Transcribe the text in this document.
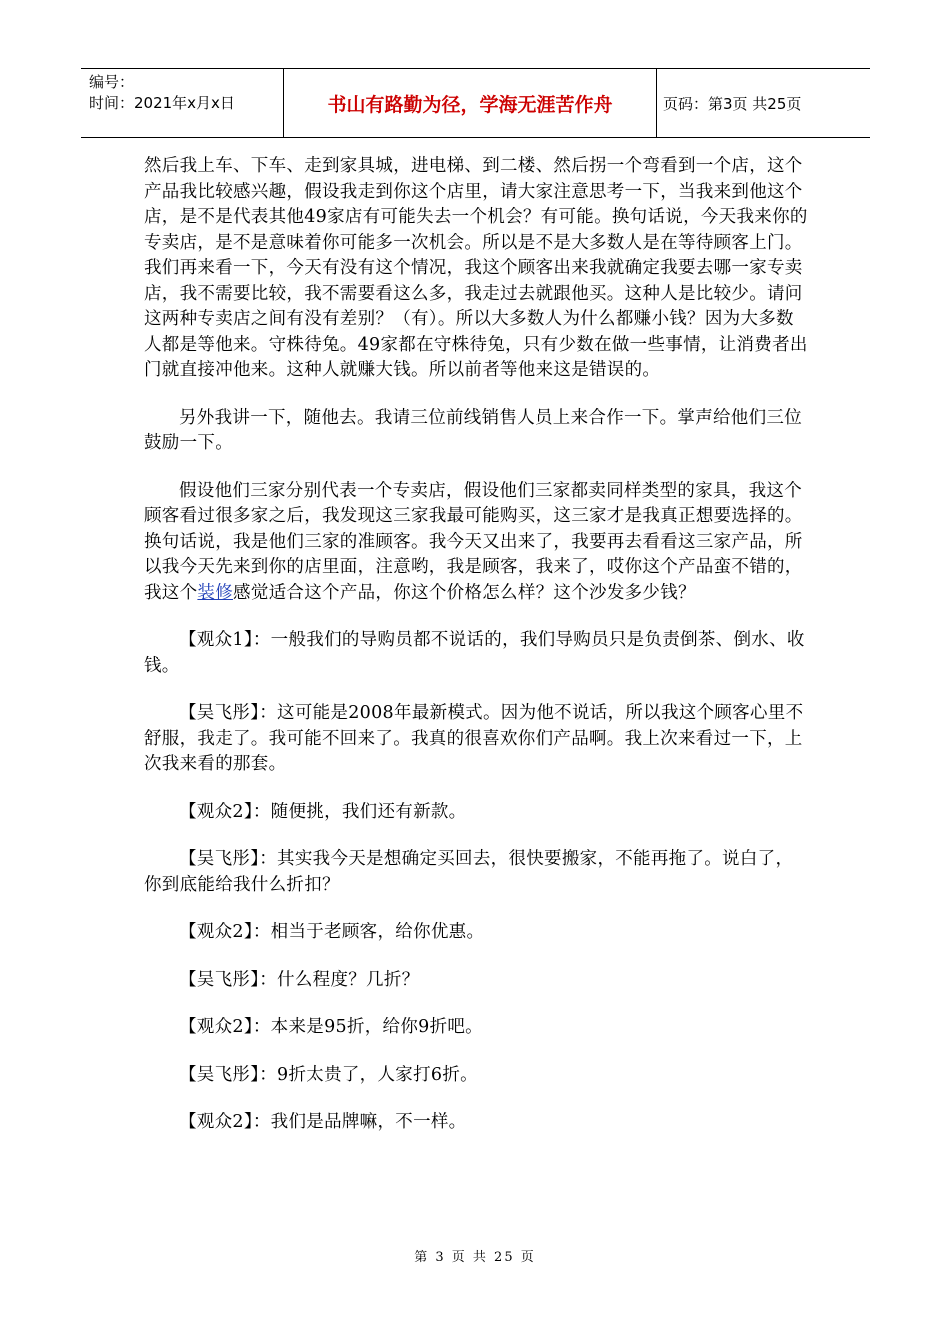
编号：
时间：2021年x月x日	书山有路勤为径，学海无涯苦作舟	页码：第3页 共25页

然后我上车、下车、走到家具城，进电梯、到二楼、然后拐一个弯看到一个店，这个产品我比较感兴趣，假设我走到你这个店里，请大家注意思考一下，当我来到他这个店，是不是代表其他49家店有可能失去一个机会？有可能。换句话说，今天我来你的专卖店，是不是意味着你可能多一次机会。所以是不是大多数人是在等待顾客上门。我们再来看一下，今天有没有这个情况，我这个顾客出来我就确定我要去哪一家专卖店，我不需要比较，我不需要看这么多，我走过去就跟他买。这种人是比较少。请问这两种专卖店之间有没有差别？（有）。所以大多数人为什么都赚小钱？因为大多数人都是等他来。守株待兔。49家都在守株待兔，只有少数在做一些事情，让消费者出门就直接冲他来。这种人就赚大钱。所以前者等他来这是错误的。

另外我讲一下，随他去。我请三位前线销售人员上来合作一下。掌声给他们三位鼓励一下。

假设他们三家分别代表一个专卖店，假设他们三家都卖同样类型的家具，我这个顾客看过很多家之后，我发现这三家我最可能购买，这三家才是我真正想要选择的。换句话说，我是他们三家的准顾客。我今天又出来了，我要再去看看这三家产品，所以我今天先来到你的店里面，注意哟，我是顾客，我来了，哎你这个产品蛮不错的，我这个装修感觉适合这个产品，你这个价格怎么样？这个沙发多少钱？

【观众1】：一般我们的导购员都不说话的，我们导购员只是负责倒茶、倒水、收钱。

【吴飞彤】：这可能是2008年最新模式。因为他不说话，所以我这个顾客心里不舒服，我走了。我可能不回来了。我真的很喜欢你们产品啊。我上次来看过一下，上次我来看的那套。

【观众2】：随便挑，我们还有新款。

【吴飞彤】：其实我今天是想确定买回去，很快要搬家，不能再拖了。说白了，你到底能给我什么折扣？

【观众2】：相当于老顾客，给你优惠。

【吴飞彤】：什么程度？几折？

【观众2】：本来是95折，给你9折吧。

【吴飞彤】：9折太贵了，人家打6折。

【观众2】：我们是品牌嘛，不一样。

第 3 页 共 25 页
